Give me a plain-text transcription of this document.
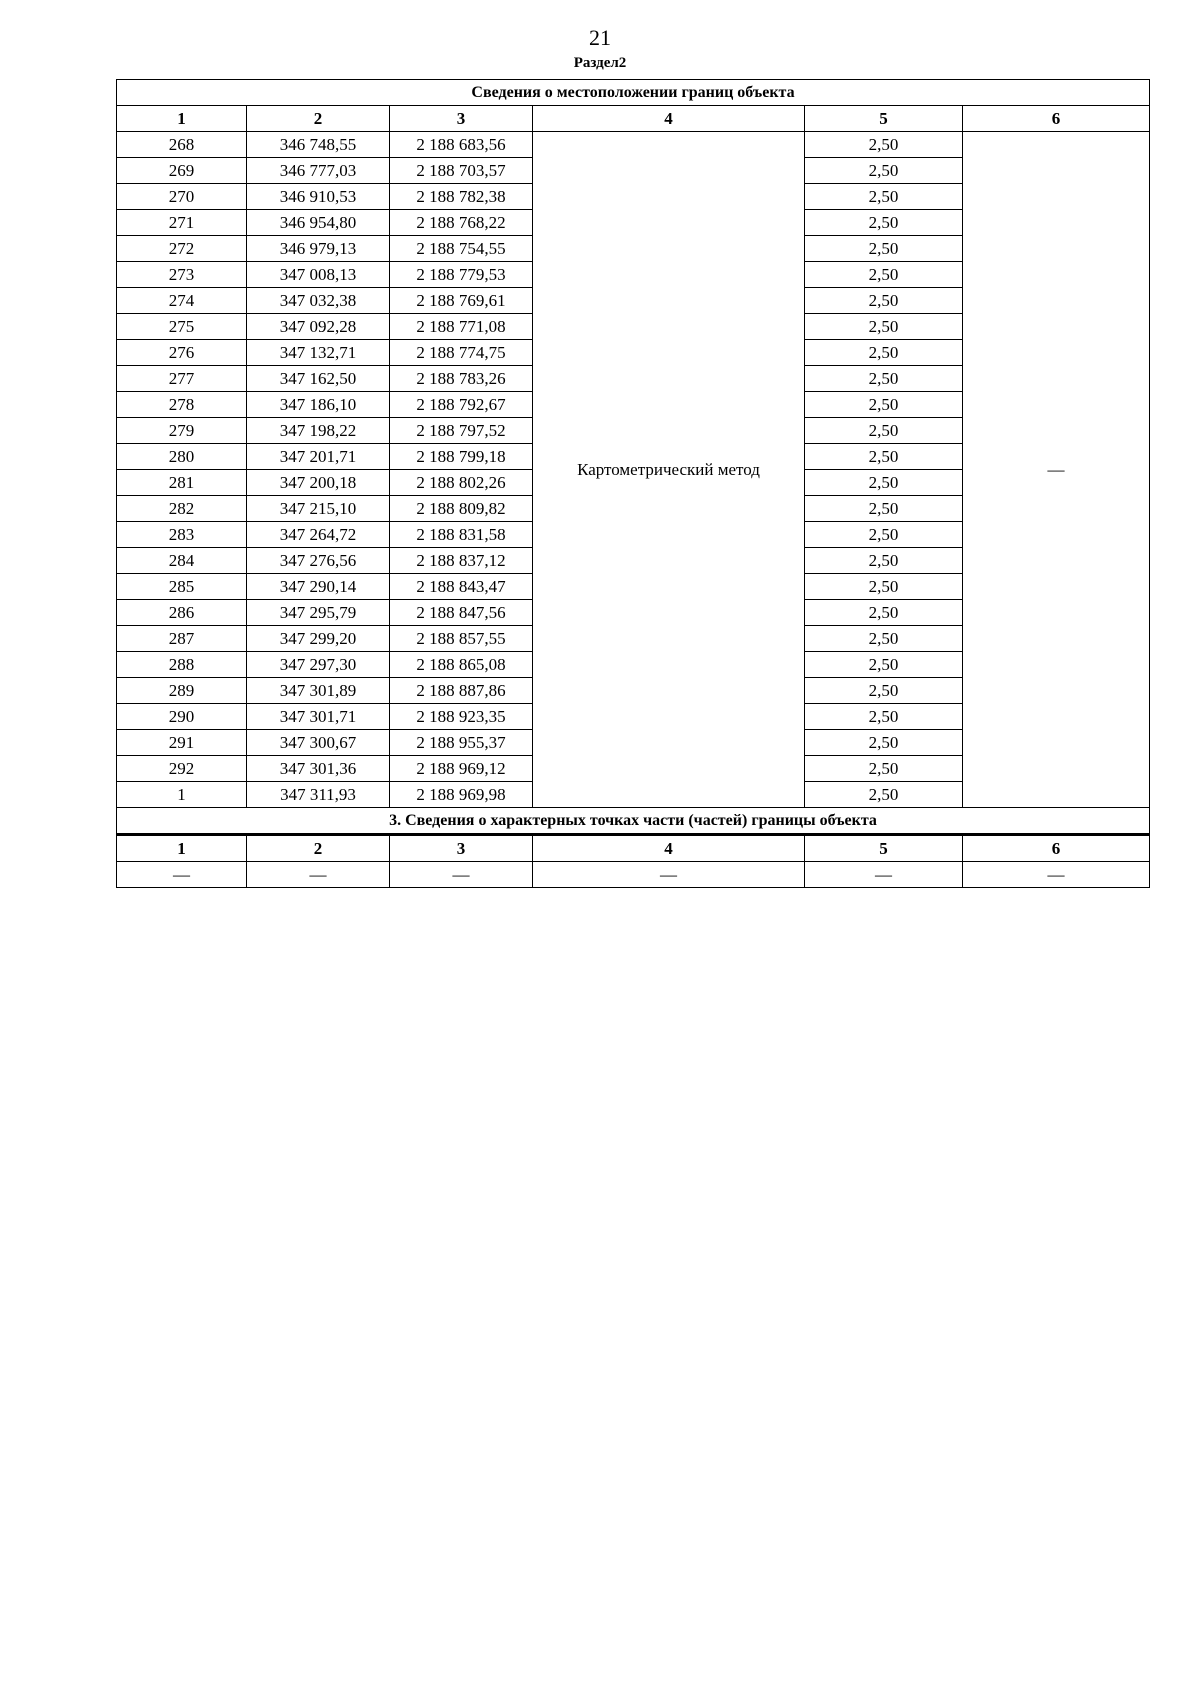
21
Раздел2
Сведения о местоположении границ объекта					
1	2	3	4	5	6
268	346 748,55	2 188 683,56	Картометрический метод	2,50	—
269	346 777,03	2 188 703,57		2,50	
270	346 910,53	2 188 782,38		2,50	
271	346 954,80	2 188 768,22		2,50	
272	346 979,13	2 188 754,55		2,50	
273	347 008,13	2 188 779,53		2,50	
274	347 032,38	2 188 769,61		2,50	
275	347 092,28	2 188 771,08		2,50	
276	347 132,71	2 188 774,75		2,50	
277	347 162,50	2 188 783,26		2,50	
278	347 186,10	2 188 792,67		2,50	
279	347 198,22	2 188 797,52		2,50	
280	347 201,71	2 188 799,18		2,50	
281	347 200,18	2 188 802,26		2,50	
282	347 215,10	2 188 809,82		2,50	
283	347 264,72	2 188 831,58		2,50	
284	347 276,56	2 188 837,12		2,50	
285	347 290,14	2 188 843,47		2,50	
286	347 295,79	2 188 847,56		2,50	
287	347 299,20	2 188 857,55		2,50	
288	347 297,30	2 188 865,08		2,50	
289	347 301,89	2 188 887,86		2,50	
290	347 301,71	2 188 923,35		2,50	
291	347 300,67	2 188 955,37		2,50	
292	347 301,36	2 188 969,12		2,50	
1	347 311,93	2 188 969,98		2,50	
3. Сведения о характерных точках части (частей) границы объекта					
1	2	3	4	5	6
—	—	—	—	—	—
